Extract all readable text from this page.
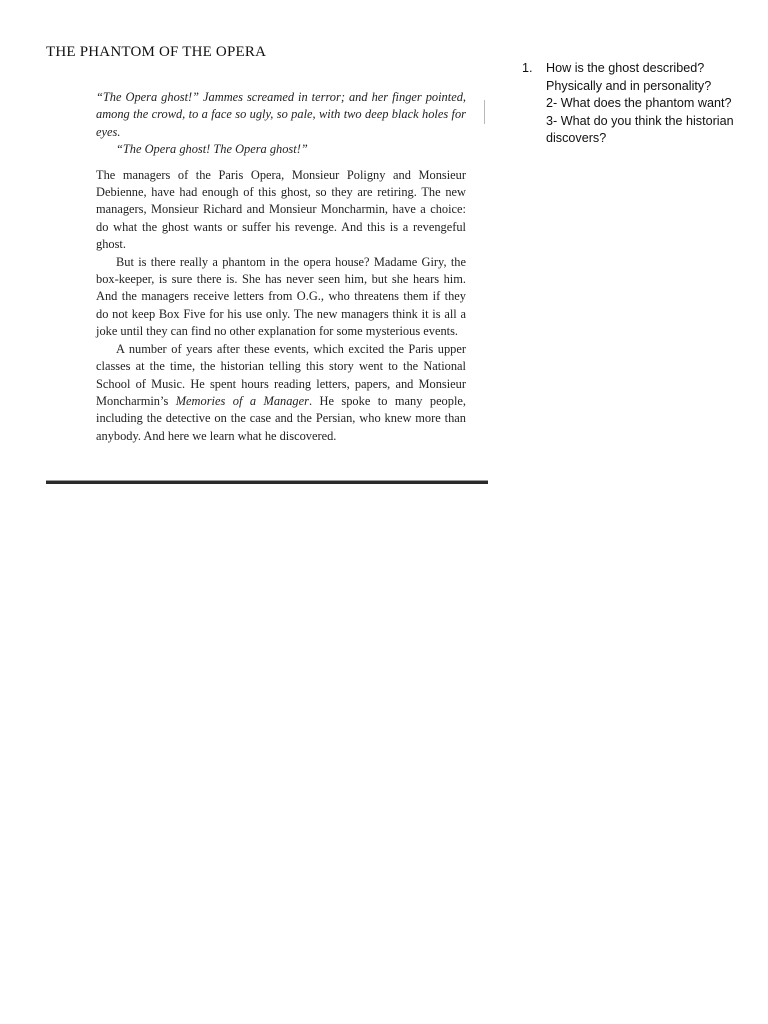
THE PHANTOM OF THE OPERA

“The Opera ghost!” Jammes screamed in terror; and her finger pointed, among the crowd, to a face so ugly, so pale, with two deep black holes for eyes.

“The Opera ghost! The Opera ghost!”

The managers of the Paris Opera, Monsieur Poligny and Monsieur Debienne, have had enough of this ghost, so they are retiring. The new managers, Monsieur Richard and Monsieur Moncharmin, have a choice: do what the ghost wants or suffer his revenge. And this is a revengeful ghost.

But is there really a phantom in the opera house? Madame Giry, the box-keeper, is sure there is. She has never seen him, but she hears him. And the managers receive letters from O.G., who threatens them if they do not keep Box Five for his use only. The new managers think it is all a joke until they can find no other explanation for some mysterious events.

A number of years after these events, which excited the Paris upper classes at the time, the historian telling this story went to the National School of Music. He spent hours reading letters, papers, and Monsieur Moncharmin’s Memories of a Manager. He spoke to many people, including the detective on the case and the Persian, who knew more than anybody. And here we learn what he discovered.

1.	How is the ghost described?
Physically and in personality?
2- What does the phantom want?
3- What do you think the historian discovers?
